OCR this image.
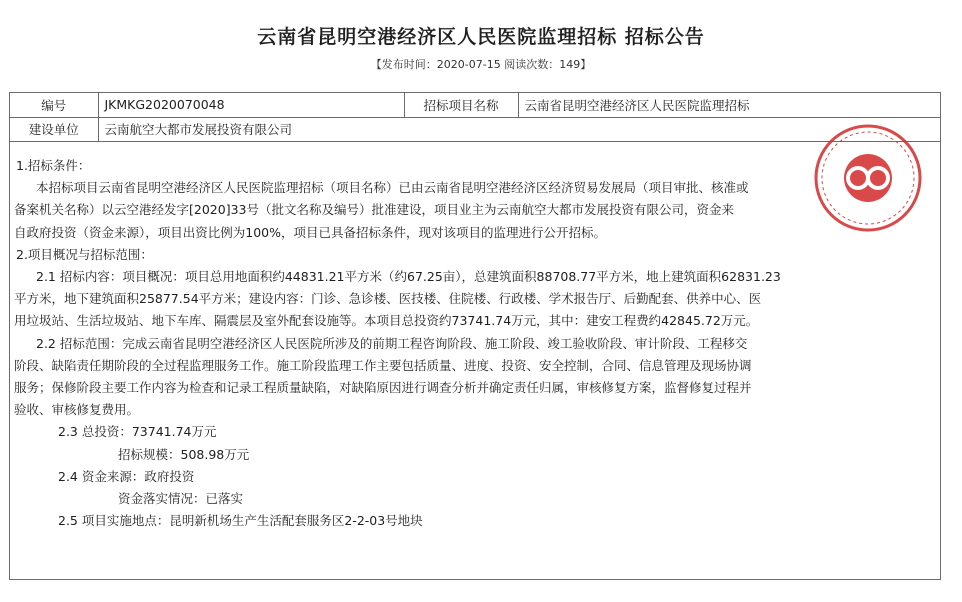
云南省昆明空港经济区人民医院监理招标 招标公告
【发布时间：2020-07-15 阅读次数：149】
编号	JKMKG2020070048	招标项目名称	云南省昆明空港经济区人民医院监理招标
建设单位	云南航空大都市发展投资有限公司		

1.招标条件：

本招标项目云南省昆明空港经济区人民医院监理招标（项目名称）已由云南省昆明空港经济区经济贸易发展局（项目审批、核准或

备案机关名称）以云空港经发字[2020]33号（批文名称及编号）批准建设，项目业主为云南航空大都市发展投资有限公司，资金来

自政府投资（资金来源），项目出资比例为100%，项目已具备招标条件，现对该项目的监理进行公开招标。

2.项目概况与招标范围：

2.1 招标内容：项目概况：项目总用地面积约44831.21平方米（约67.25亩），总建筑面积88708.77平方米，地上建筑面积62831.23

平方米，地下建筑面积25877.54平方米；建设内容：门诊、急诊楼、医技楼、住院楼、行政楼、学术报告厅、后勤配套、供养中心、医

用垃圾站、生活垃圾站、地下车库、隔震层及室外配套设施等。本项目总投资约73741.74万元，其中：建安工程费约42845.72万元。

2.2 招标范围：完成云南省昆明空港经济区人民医院所涉及的前期工程咨询阶段、施工阶段、竣工验收阶段、审计阶段、工程移交

阶段、缺陷责任期阶段的全过程监理服务工作。施工阶段监理工作主要包括质量、进度、投资、安全控制，合同、信息管理及现场协调

服务；保修阶段主要工作内容为检查和记录工程质量缺陷，对缺陷原因进行调查分析并确定责任归属，审核修复方案，监督修复过程并

验收、审核修复费用。

2.3 总投资：73741.74万元

招标规模：508.98万元

2.4 资金来源：政府投资

资金落实情况：已落实

2.5 项目实施地点：昆明新机场生产生活配套服务区2-2-03号地块
